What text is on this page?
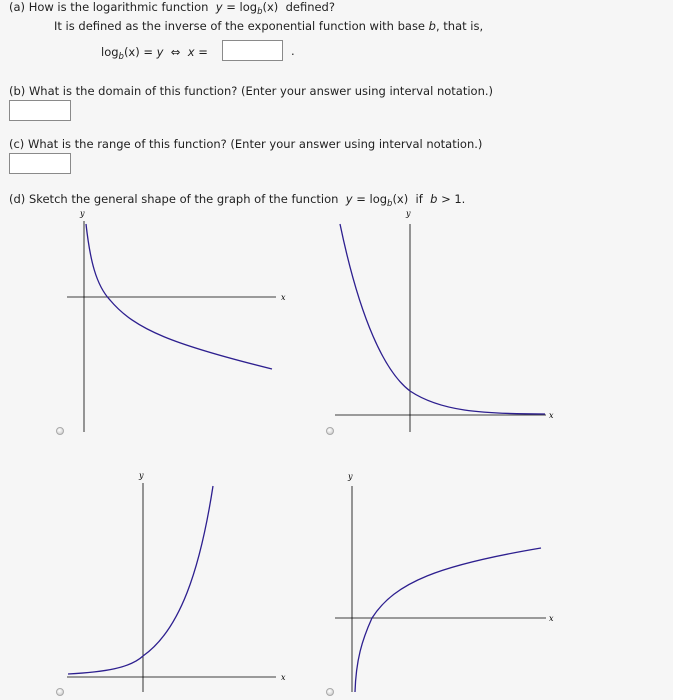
(a) How is the logarithmic function $y = \log_b(x)$ defined?
It is defined as the inverse of the exponential function with base b, that is,
$\log_b(x) = y$ ⇔ x =	.
(b) What is the domain of this function? (Enter your answer using interval notation.)
(c) What is the range of this function? (Enter your answer using interval notation.)
(d) Sketch the general shape of the graph of the function $y = \log_b(x)$ if b > 1.
y
x
y
x
y
x
y
x
